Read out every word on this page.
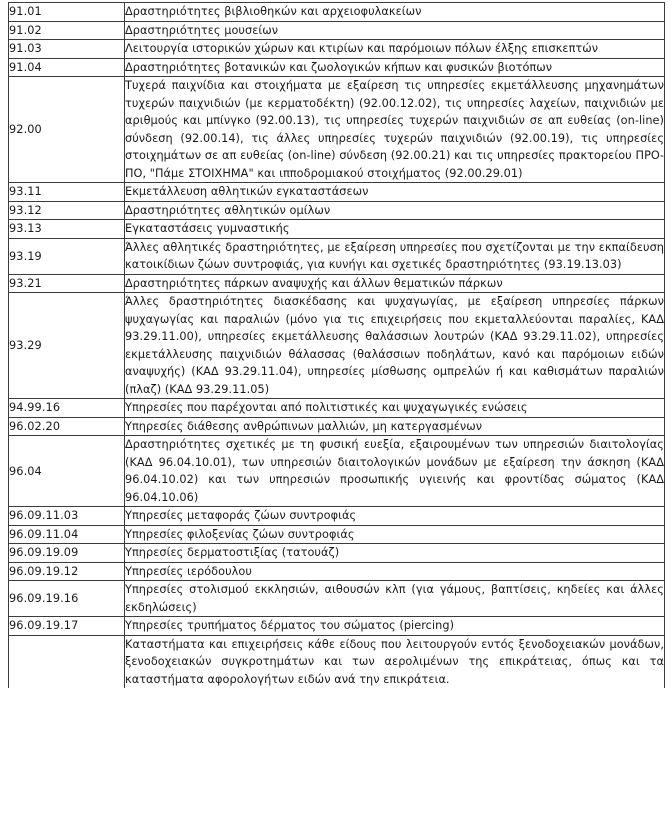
91.01	Δραστηριότητες βιβλιοθηκών και αρχειοφυλακείων
91.02	Δραστηριότητες μουσείων
91.03	Λειτουργία ιστορικών χώρων και κτιρίων και παρόμοιων πόλων έλξης επισκεπτών
91.04	Δραστηριότητες βοτανικών και ζωολογικών κήπων και φυσικών βιοτόπων
92.00	Τυχερά παιχνίδια και στοιχήματα με εξαίρεση τις υπηρεσίες εκμετάλλευσης μηχανημάτων τυχερών παιχνιδιών (με κερματοδέκτη) (92.00.12.02), τις υπηρεσίες λαχείων, παιχνιδιών με αριθμούς και μπίνγκο (92.00.13), τις υπηρεσίες τυχερών παιχνιδιών σε απ ευθείας (on-line) σύνδεση (92.00.14), τις άλλες υπηρεσίες τυχερών παιχνιδιών (92.00.19), τις υπηρεσίες στοιχημάτων σε απ ευθείας (on-line) σύνδεση (92.00.21) και τις υπηρεσίες πρακτορείου ΠΡΟ-ΠΟ, "Πάμε ΣΤΟΙΧΗΜΑ" και ιπποδρομιακού στοιχήματος (92.00.29.01)

93.11	Εκμετάλλευση αθλητικών εγκαταστάσεων
93.12	Δραστηριότητες αθλητικών ομίλων
93.13	Εγκαταστάσεις γυμναστικής
93.19	Άλλες αθλητικές δραστηριότητες, με εξαίρεση υπηρεσίες που σχετίζονται με την εκπαίδευση κατοικίδιων ζώων συντροφιάς, για κυνήγι και σχετικές δραστηριότητες (93.19.13.03)

93.21	Δραστηριότητες πάρκων αναψυχής και άλλων θεματικών πάρκων
93.29	Άλλες δραστηριότητες διασκέδασης και ψυχαγωγίας, με εξαίρεση υπηρεσίες πάρκων ψυχαγωγίας και παραλιών (μόνο για τις επιχειρήσεις που εκμεταλλεύονται παραλίες, ΚΑΔ 93.29.11.00), υπηρεσίες εκμετάλλευσης θαλάσσιων λουτρών (ΚΑΔ 93.29.11.02), υπηρεσίες εκμετάλλευσης παιχνιδιών θάλασσας (θαλάσσιων ποδηλάτων, κανό και παρόμοιων ειδών αναψυχής) (ΚΑΔ 93.29.11.04), υπηρεσίες μίσθωσης ομπρελών ή και καθισμάτων παραλιών (πλαζ) (ΚΑΔ 93.29.11.05)

94.99.16	Υπηρεσίες που παρέχονται από πολιτιστικές και ψυχαγωγικές ενώσεις
96.02.20	Υπηρεσίες διάθεσης ανθρώπινων μαλλιών, μη κατεργασμένων
96.04	Δραστηριότητες σχετικές με τη φυσική ευεξία, εξαιρουμένων των υπηρεσιών διαιτολογίας (ΚΑΔ 96.04.10.01), των υπηρεσιών διαιτολογικών μονάδων με εξαίρεση την άσκηση (ΚΑΔ 96.04.10.02) και των υπηρεσιών προσωπικής υγιεινής και φροντίδας σώματος (ΚΑΔ 96.04.10.06)

96.09.11.03	Υπηρεσίες μεταφοράς ζώων συντροφιάς
96.09.11.04	Υπηρεσίες φιλοξενίας ζώων συντροφιάς
96.09.19.09	Υπηρεσίες δερματοστιξίας (τατουάζ)
96.09.19.12	Υπηρεσίες ιερόδουλου
96.09.19.16	Υπηρεσίες στολισμού εκκλησιών, αιθουσών κλπ (για γάμους, βαπτίσεις, κηδείες και άλλες εκδηλώσεις)

96.09.19.17	Υπηρεσίες τρυπήματος δέρματος του σώματος (piercing)

	Καταστήματα και επιχειρήσεις κάθε είδους που λειτουργούν εντός ξενοδοχειακών μονάδων, ξενοδοχειακών συγκροτημάτων και των αερολιμένων της επικράτειας, όπως και τα καταστήματα αφορολογήτων ειδών ανά την επικράτεια.
